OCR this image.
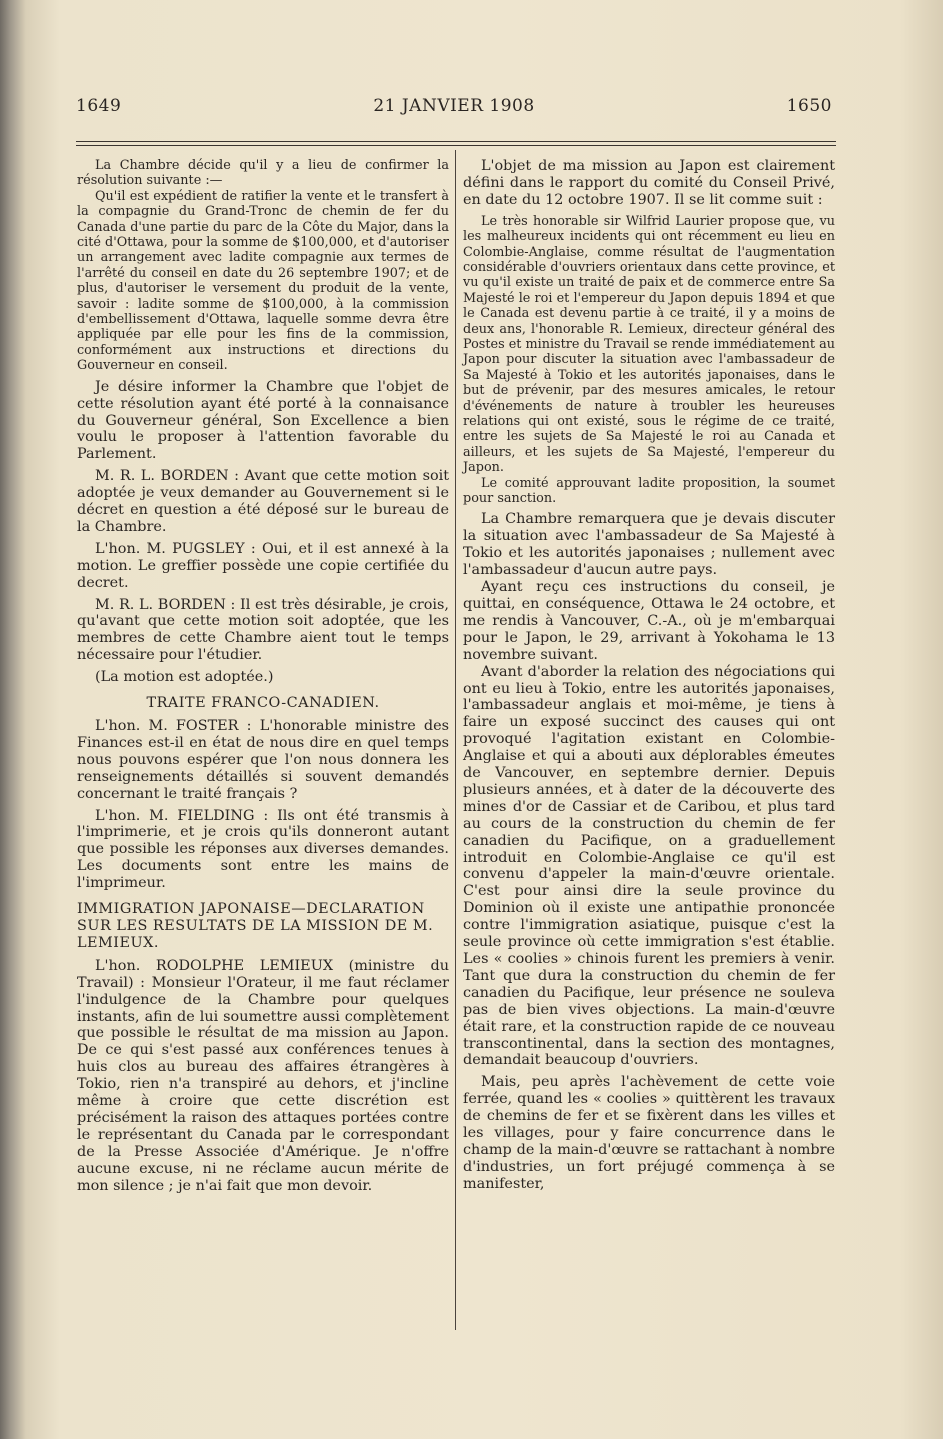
1649	21 JANVIER 1908	1650

La Chambre décide qu'il y a lieu de confirmer la résolution suivante :—

Qu'il est expédient de ratifier la vente et le transfert à la compagnie du Grand-Tronc de chemin de fer du Canada d'une partie du parc de la Côte du Major, dans la cité d'Ottawa, pour la somme de $100,000, et d'autoriser un arrangement avec ladite compagnie aux termes de l'arrêté du conseil en date du 26 septembre 1907; et de plus, d'autoriser le versement du produit de la vente, savoir : ladite somme de $100,000, à la commission d'embellissement d'Ottawa, laquelle somme devra être appliquée par elle pour les fins de la commission, conformément aux instructions et directions du Gouverneur en conseil.

Je désire informer la Chambre que l'objet de cette résolution ayant été porté à la connaisance du Gouverneur général, Son Excellence a bien voulu le proposer à l'attention favorable du Parlement.

M. R. L. BORDEN : Avant que cette motion soit adoptée je veux demander au Gouvernement si le décret en question a été déposé sur le bureau de la Chambre.

L'hon. M. PUGSLEY : Oui, et il est annexé à la motion. Le greffier possède une copie certifiée du decret.

M. R. L. BORDEN : Il est très désirable, je crois, qu'avant que cette motion soit adoptée, que les membres de cette Chambre aient tout le temps nécessaire pour l'étudier.

(La motion est adoptée.)

TRAITE FRANCO-CANADIEN.

L'hon. M. FOSTER : L'honorable ministre des Finances est-il en état de nous dire en quel temps nous pouvons espérer que l'on nous donnera les renseignements détaillés si souvent demandés concernant le traité français ?

L'hon. M. FIELDING : Ils ont été transmis à l'imprimerie, et je crois qu'ils donneront autant que possible les réponses aux diverses demandes. Les documents sont entre les mains de l'imprimeur.

IMMIGRATION JAPONAISE—DECLARATION SUR LES RESULTATS DE LA MISSION DE M. LEMIEUX.

L'hon. RODOLPHE LEMIEUX (ministre du Travail) : Monsieur l'Orateur, il me faut réclamer l'indulgence de la Chambre pour quelques instants, afin de lui soumettre aussi complètement que possible le résultat de ma mission au Japon. De ce qui s'est passé aux conférences tenues à huis clos au bureau des affaires étrangères à Tokio, rien n'a transpiré au dehors, et j'incline même à croire que cette discrétion est précisément la raison des attaques portées contre le représentant du Canada par le correspondant de la Presse Associée d'Amérique. Je n'offre aucune excuse, ni ne réclame aucun mérite de mon silence ; je n'ai fait que mon devoir.

L'objet de ma mission au Japon est clairement défini dans le rapport du comité du Conseil Privé, en date du 12 octobre 1907. Il se lit comme suit :

Le très honorable sir Wilfrid Laurier propose que, vu les malheureux incidents qui ont récemment eu lieu en Colombie-Anglaise, comme résultat de l'augmentation considérable d'ouvriers orientaux dans cette province, et vu qu'il existe un traité de paix et de commerce entre Sa Majesté le roi et l'empereur du Japon depuis 1894 et que le Canada est devenu partie à ce traité, il y a moins de deux ans, l'honorable R. Lemieux, directeur général des Postes et ministre du Travail se rende immédiatement au Japon pour discuter la situation avec l'ambassadeur de Sa Majesté à Tokio et les autorités japonaises, dans le but de prévenir, par des mesures amicales, le retour d'événements de nature à troubler les heureuses relations qui ont existé, sous le régime de ce traité, entre les sujets de Sa Majesté le roi au Canada et ailleurs, et les sujets de Sa Majesté, l'empereur du Japon.

Le comité approuvant ladite proposition, la soumet pour sanction.

La Chambre remarquera que je devais discuter la situation avec l'ambassadeur de Sa Majesté à Tokio et les autorités japonaises ; nullement avec l'ambassadeur d'aucun autre pays.

Ayant reçu ces instructions du conseil, je quittai, en conséquence, Ottawa le 24 octobre, et me rendis à Vancouver, C.-A., où je m'embarquai pour le Japon, le 29, arrivant à Yokohama le 13 novembre suivant.

Avant d'aborder la relation des négociations qui ont eu lieu à Tokio, entre les autorités japonaises, l'ambassadeur anglais et moi-même, je tiens à faire un exposé succinct des causes qui ont provoqué l'agitation existant en Colombie-Anglaise et qui a abouti aux déplorables émeutes de Vancouver, en septembre dernier. Depuis plusieurs années, et à dater de la découverte des mines d'or de Cassiar et de Caribou, et plus tard au cours de la construction du chemin de fer canadien du Pacifique, on a graduellement introduit en Colombie-Anglaise ce qu'il est convenu d'appeler la main-d'œuvre orientale. C'est pour ainsi dire la seule province du Dominion où il existe une antipathie prononcée contre l'immigration asiatique, puisque c'est la seule province où cette immigration s'est établie. Les « coolies » chinois furent les premiers à venir. Tant que dura la construction du chemin de fer canadien du Pacifique, leur présence ne souleva pas de bien vives objections. La main-d'œuvre était rare, et la construction rapide de ce nouveau transcontinental, dans la section des montagnes, demandait beaucoup d'ouvriers.

Mais, peu après l'achèvement de cette voie ferrée, quand les « coolies » quittèrent les travaux de chemins de fer et se fixèrent dans les villes et les villages, pour y faire concurrence dans le champ de la main-d'œuvre se rattachant à nombre d'industries, un fort préjugé commença à se manifester,
